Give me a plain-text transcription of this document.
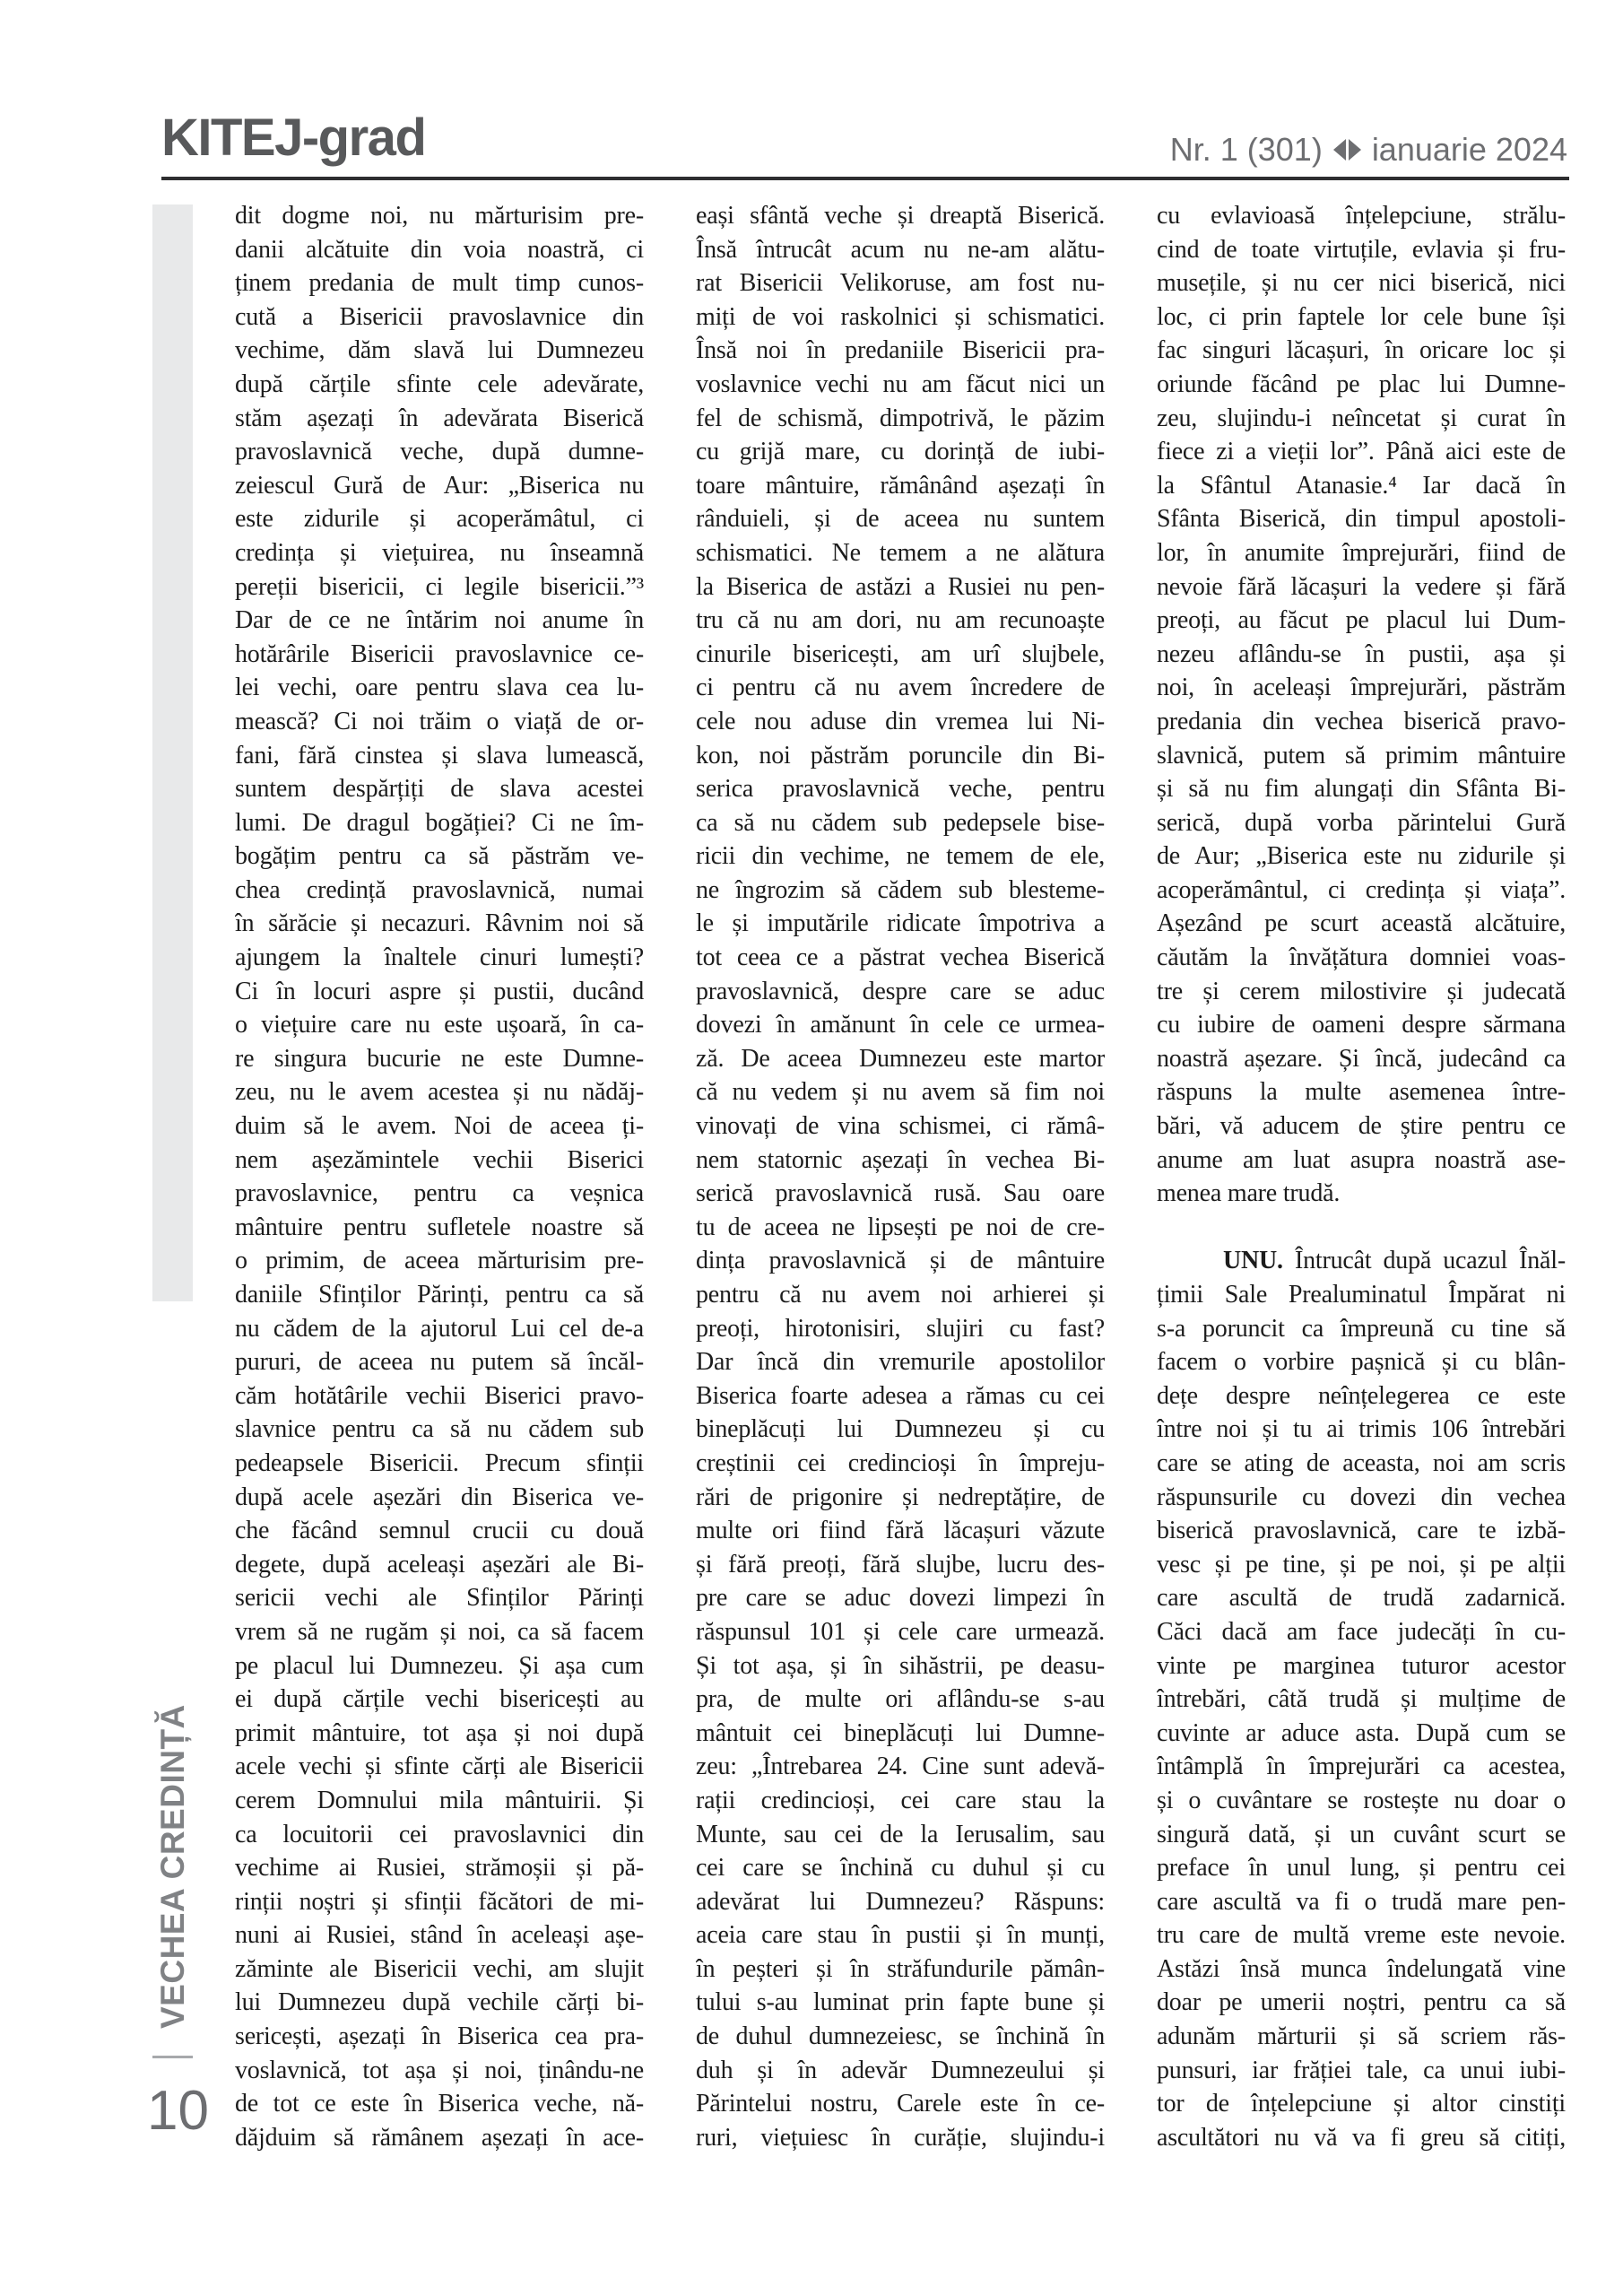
KITEJ-grad	Nr. 1 (301) ianuarie 2024
VECHEA CREDINȚĂ
10
dit dogme noi, nu mărturisim pre-
danii alcătuite din voia noastră, ci
ținem predania de mult timp cunos-
cută a Bisericii pravoslavnice din
vechime, dăm slavă lui Dumnezeu
după cărțile sfinte cele adevărate,
stăm așezați în adevărata Biserică
pravoslavnică veche, după dumne-
zeiescul Gură de Aur: „Biserica nu
este zidurile și acoperămâtul, ci
credința și viețuirea, nu înseamnă
pereții bisericii, ci legile bisericii.”³
Dar de ce ne întărim noi anume în
hotărârile Bisericii pravoslavnice ce-
lei vechi, oare pentru slava cea lu-
mească? Ci noi trăim o viață de or-
fani, fără cinstea și slava lumească,
suntem despărțiți de slava acestei
lumi. De dragul bogăției? Ci ne îm-
bogățim pentru ca să păstrăm ve-
chea credință pravoslavnică, numai
în sărăcie și necazuri. Râvnim noi să
ajungem la înaltele cinuri lumești?
Ci în locuri aspre și pustii, ducând
o viețuire care nu este ușoară, în ca-
re singura bucurie ne este Dumne-
zeu, nu le avem acestea și nu nădăj-
duim să le avem. Noi de aceea ți-
nem așezămintele vechii Biserici
pravoslavnice, pentru ca veșnica
mântuire pentru sufletele noastre să
o primim, de aceea mărturisim pre-
daniile Sfinților Părinți, pentru ca să
nu cădem de la ajutorul Lui cel de-a
pururi, de aceea nu putem să încăl-
căm hotătârile vechii Biserici pravo-
slavnice pentru ca să nu cădem sub
pedeapsele Bisericii. Precum sfinții
după acele așezări din Biserica ve-
che făcând semnul crucii cu două
degete, după aceleași așezări ale Bi-
sericii vechi ale Sfinților Părinți
vrem să ne rugăm și noi, ca să facem
pe placul lui Dumnezeu. Și așa cum
ei după cărțile vechi bisericești au
primit mântuire, tot așa și noi după
acele vechi și sfinte cărți ale Bisericii
cerem Domnului mila mântuirii. Și
ca locuitorii cei pravoslavnici din
vechime ai Rusiei, strămoșii și pă-
rinții noștri și sfinții făcători de mi-
nuni ai Rusiei, stând în aceleași așe-
zăminte ale Bisericii vechi, am slujit
lui Dumnezeu după vechile cărți bi-
sericești, așezați în Biserica cea pra-
voslavnică, tot așa și noi, ținându-ne
de tot ce este în Biserica veche, nă-
dăjduim să rămânem așezați în ace-
eași sfântă veche și dreaptă Biserică.
Însă întrucât acum nu ne-am alătu-
rat Bisericii Velikoruse, am fost nu-
miți de voi raskolnici și schismatici.
Însă noi în predaniile Bisericii pra-
voslavnice vechi nu am făcut nici un
fel de schismă, dimpotrivă, le păzim
cu grijă mare, cu dorință de iubi-
toare mântuire, rămânând așezați în
rânduieli, și de aceea nu suntem
schismatici. Ne temem a ne alătura
la Biserica de astăzi a Rusiei nu pen-
tru că nu am dori, nu am recunoaște
cinurile bisericești, am urî slujbele,
ci pentru că nu avem încredere de
cele nou aduse din vremea lui Ni-
kon, noi păstrăm poruncile din Bi-
serica pravoslavnică veche, pentru
ca să nu cădem sub pedepsele bise-
ricii din vechime, ne temem de ele,
ne îngrozim să cădem sub blesteme-
le și imputările ridicate împotriva a
tot ceea ce a păstrat vechea Biserică
pravoslavnică, despre care se aduc
dovezi în amănunt în cele ce urmea-
ză. De aceea Dumnezeu este martor
că nu vedem și nu avem să fim noi
vinovați de vina schismei, ci rămâ-
nem statornic așezați în vechea Bi-
serică pravoslavnică rusă. Sau oare
tu de aceea ne lipsești pe noi de cre-
dința pravoslavnică și de mântuire
pentru că nu avem noi arhierei și
preoți, hirotonisiri, slujiri cu fast?
Dar încă din vremurile apostolilor
Biserica foarte adesea a rămas cu cei
bineplăcuți lui Dumnezeu și cu
creștinii cei credincioși în împreju-
rări de prigonire și nedreptățire, de
multe ori fiind fără lăcașuri văzute
și fără preoți, fără slujbe, lucru des-
pre care se aduc dovezi limpezi în
răspunsul 101 și cele care urmează.
Și tot așa, și în sihăstrii, pe deasu-
pra, de multe ori aflându-se s-au
mântuit cei bineplăcuți lui Dumne-
zeu: „Întrebarea 24. Cine sunt adevă-
rații credincioși, cei care stau la
Munte, sau cei de la Ierusalim, sau
cei care se închină cu duhul și cu
adevărat lui Dumnezeu? Răspuns:
aceia care stau în pustii și în munți,
în peșteri și în străfundurile pămân-
tului s-au luminat prin fapte bune și
de duhul dumnezeiesc, se închină în
duh și în adevăr Dumnezeului și
Părintelui nostru, Carele este în ce-
ruri, viețuiesc în curăție, slujindu-i
cu evlavioasă înțelepciune, strălu-
cind de toate virtuțile, evlavia și fru-
musețile, și nu cer nici biserică, nici
loc, ci prin faptele lor cele bune își
fac singuri lăcașuri, în oricare loc și
oriunde făcând pe plac lui Dumne-
zeu, slujindu-i neîncetat și curat în
fiece zi a vieții lor”. Până aici este de
la Sfântul Atanasie.⁴ Iar dacă în
Sfânta Biserică, din timpul apostoli-
lor, în anumite împrejurări, fiind de
nevoie fără lăcașuri la vedere și fără
preoți, au făcut pe placul lui Dum-
nezeu aflându-se în pustii, așa și
noi, în aceleași împrejurări, păstrăm
predania din vechea biserică pravo-
slavnică, putem să primim mântuire
și să nu fim alungați din Sfânta Bi-
serică, după vorba părintelui Gură
de Aur; „Biserica este nu zidurile și
acoperământul, ci credința și viața”.
Așezând pe scurt această alcătuire,
căutăm la învățătura domniei voas-
tre și cerem milostivire și judecată
cu iubire de oameni despre sărmana
noastră așezare. Și încă, judecând ca
răspuns la multe asemenea între-
bări, vă aducem de știre pentru ce
anume am luat asupra noastră ase-
menea mare trudă.
UNU. Întrucât după ucazul Înăl-
țimii Sale Prealuminatul Împărat ni
s-a poruncit ca împreună cu tine să
facem o vorbire pașnică și cu blân-
dețe despre neînțelegerea ce este
între noi și tu ai trimis 106 întrebări
care se ating de aceasta, noi am scris
răspunsurile cu dovezi din vechea
biserică pravoslavnică, care te izbă-
vesc și pe tine, și pe noi, și pe alții
care ascultă de trudă zadarnică.
Căci dacă am face judecăți în cu-
vinte pe marginea tuturor acestor
întrebări, câtă trudă și mulțime de
cuvinte ar aduce asta. După cum se
întâmplă în împrejurări ca acestea,
și o cuvântare se rostește nu doar o
singură dată, și un cuvânt scurt se
preface în unul lung, și pentru cei
care ascultă va fi o trudă mare pen-
tru care de multă vreme este nevoie.
Astăzi însă munca îndelungată vine
doar pe umerii noștri, pentru ca să
adunăm mărturii și să scriem răs-
punsuri, iar frăției tale, ca unui iubi-
tor de înțelepciune și altor cinstiți
ascultători nu vă va fi greu să citiți,
